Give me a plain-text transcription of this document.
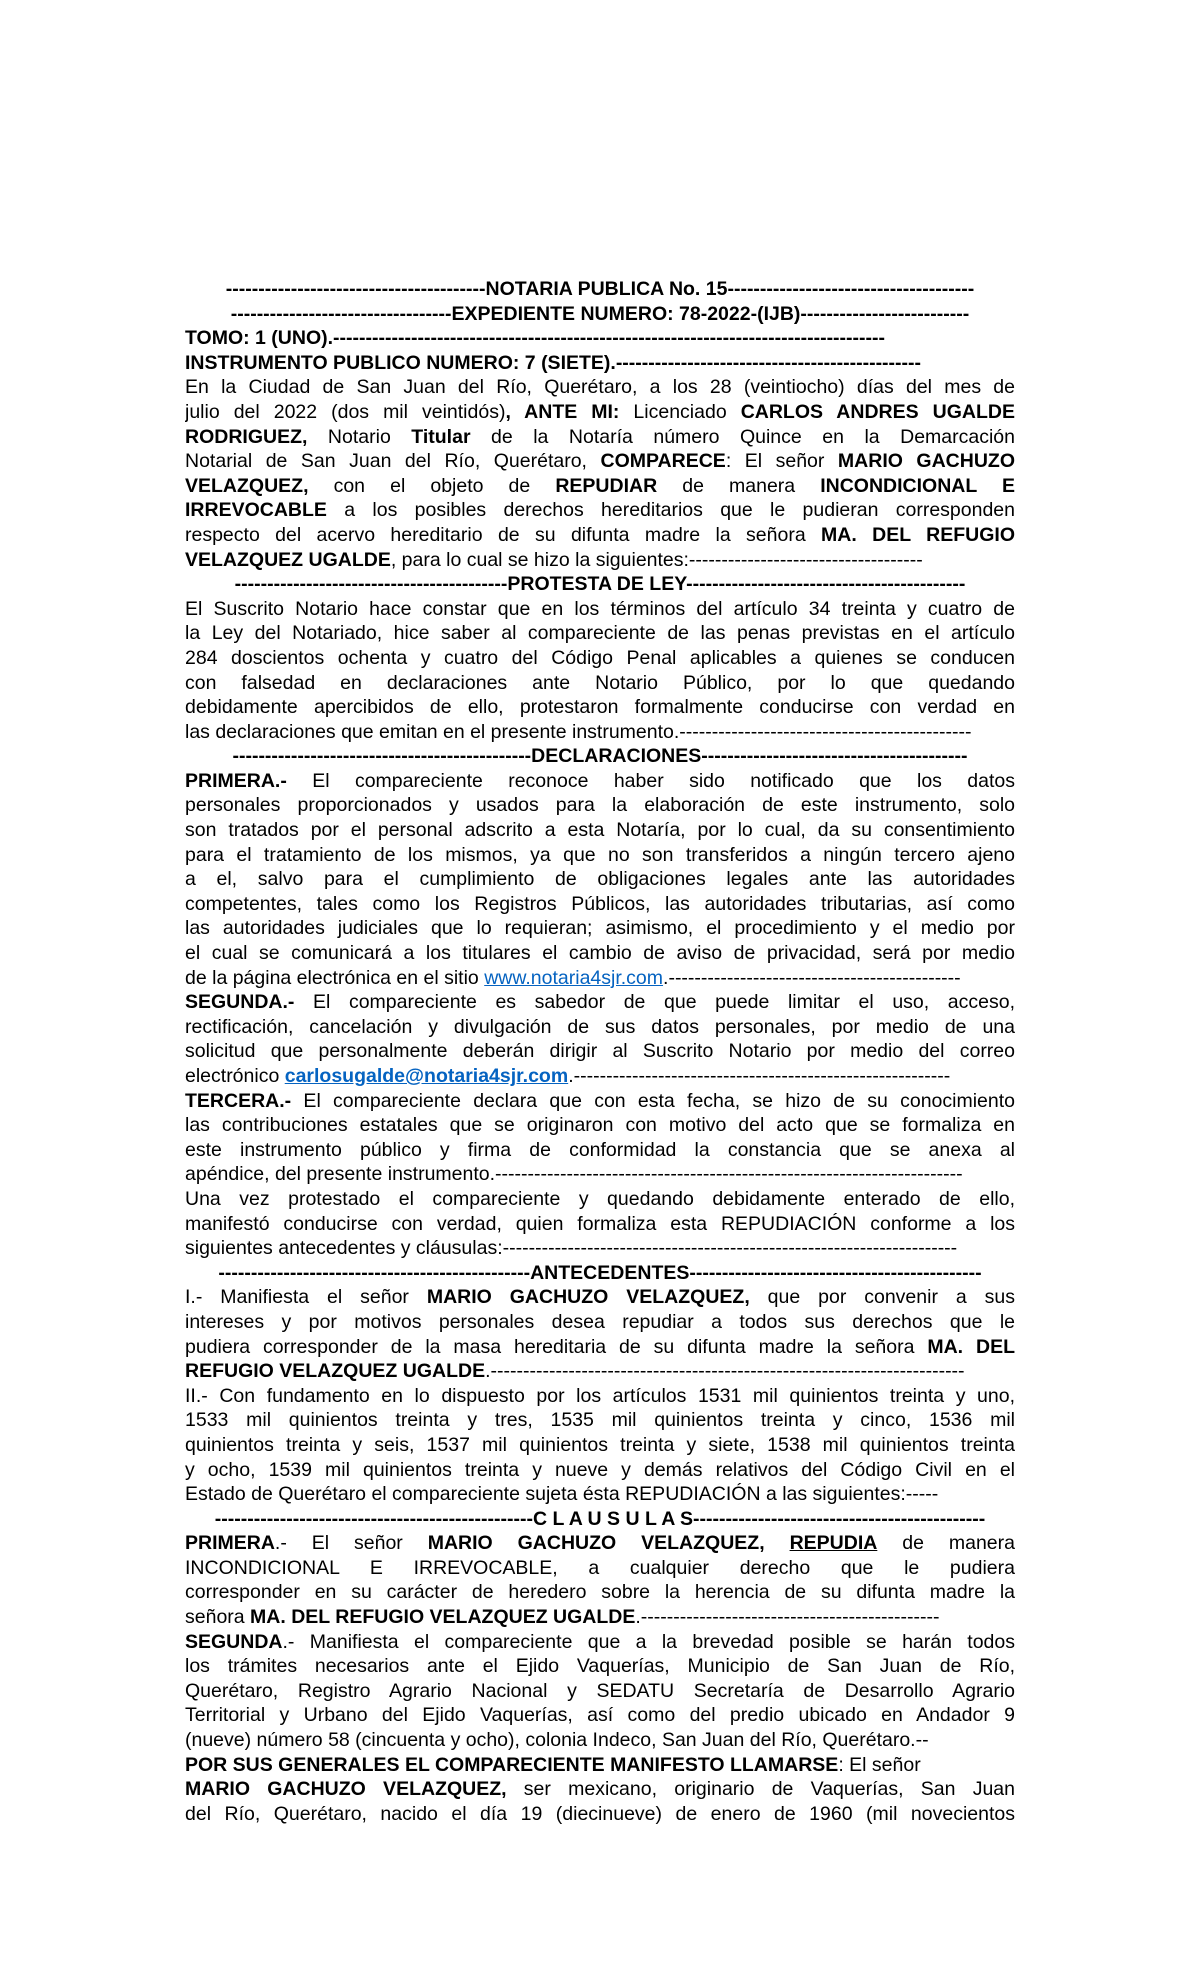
----------------------------------------NOTARIA PUBLICA No. 15--------------------------------------
----------------------------------EXPEDIENTE NUMERO: 78-2022-(IJB)--------------------------
TOMO: 1 (UNO).-------------------------------------------------------------------------------------
INSTRUMENTO PUBLICO NUMERO: 7 (SIETE).-----------------------------------------------
En la Ciudad de San Juan del Río, Querétaro, a los 28 (veintiocho) días del mes de
julio del 2022 (dos mil veintidós), ANTE MI: Licenciado CARLOS ANDRES UGALDE
RODRIGUEZ, Notario Titular de la Notaría número Quince en la Demarcación
Notarial de San Juan del Río, Querétaro, COMPARECE: El señor MARIO GACHUZO
VELAZQUEZ, con el objeto de REPUDIAR de manera INCONDICIONAL E
IRREVOCABLE a los posibles derechos hereditarios que le pudieran corresponden
respecto del acervo hereditario de su difunta madre la señora MA. DEL REFUGIO
VELAZQUEZ UGALDE, para lo cual se hizo la siguientes:------------------------------------
------------------------------------------PROTESTA DE LEY-------------------------------------------
El Suscrito Notario hace constar que en los términos del artículo 34 treinta y cuatro de
la Ley del Notariado, hice saber al compareciente de las penas previstas en el artículo
284 doscientos ochenta y cuatro del Código Penal aplicables a quienes se conducen
con falsedad en declaraciones ante Notario Público, por lo que quedando
debidamente apercibidos de ello, protestaron formalmente conducirse con verdad en
las declaraciones que emitan en el presente instrumento.---------------------------------------------
----------------------------------------------DECLARACIONES-----------------------------------------
PRIMERA.- El compareciente reconoce haber sido notificado que los datos
personales proporcionados y usados para la elaboración de este instrumento, solo
son tratados por el personal adscrito a esta Notaría, por lo cual, da su consentimiento
para el tratamiento de los mismos, ya que no son transferidos a ningún tercero ajeno
a el, salvo para el cumplimiento de obligaciones legales ante las autoridades
competentes, tales como los Registros Públicos, las autoridades tributarias, así como
las autoridades judiciales que lo requieran; asimismo, el procedimiento y el medio por
el cual se comunicará a los titulares el cambio de aviso de privacidad, será por medio
de la página electrónica en el sitio www.notaria4sjr.com.---------------------------------------------
SEGUNDA.- El compareciente es sabedor de que puede limitar el uso, acceso,
rectificación, cancelación y divulgación de sus datos personales, por medio de una
solicitud que personalmente deberán dirigir al Suscrito Notario por medio del correo
electrónico carlosugalde@notaria4sjr.com.----------------------------------------------------------
TERCERA.- El compareciente declara que con esta fecha, se hizo de su conocimiento
las contribuciones estatales que se originaron con motivo del acto que se formaliza en
este instrumento público y firma de conformidad la constancia que se anexa al
apéndice, del presente instrumento.------------------------------------------------------------------------
Una vez protestado el compareciente y quedando debidamente enterado de ello,
manifestó conducirse con verdad, quien formaliza esta REPUDIACIÓN conforme a los
siguientes antecedentes y cláusulas:----------------------------------------------------------------------
------------------------------------------------ANTECEDENTES---------------------------------------------
I.- Manifiesta el señor MARIO GACHUZO VELAZQUEZ, que por convenir a sus
intereses y por motivos personales desea repudiar a todos sus derechos que le
pudiera corresponder de la masa hereditaria de su difunta madre la señora MA. DEL
REFUGIO VELAZQUEZ UGALDE.-------------------------------------------------------------------------
II.- Con fundamento en lo dispuesto por los artículos 1531 mil quinientos treinta y uno,
1533 mil quinientos treinta y tres, 1535 mil quinientos treinta y cinco, 1536 mil
quinientos treinta y seis, 1537 mil quinientos treinta y siete, 1538 mil quinientos treinta
y ocho, 1539 mil quinientos treinta y nueve y demás relativos del Código Civil en el
Estado de Querétaro el compareciente sujeta ésta REPUDIACIÓN a las siguientes:-----
-------------------------------------------------C L A U S U L A S---------------------------------------------
PRIMERA.- El señor MARIO GACHUZO VELAZQUEZ, REPUDIA de manera
INCONDICIONAL E IRREVOCABLE, a cualquier derecho que le pudiera
corresponder en su carácter de heredero sobre la herencia de su difunta madre la
señora MA. DEL REFUGIO VELAZQUEZ UGALDE.----------------------------------------------
SEGUNDA.- Manifiesta el compareciente que a la brevedad posible se harán todos
los trámites necesarios ante el Ejido Vaquerías, Municipio de San Juan de Río,
Querétaro, Registro Agrario Nacional y SEDATU Secretaría de Desarrollo Agrario
Territorial y Urbano del Ejido Vaquerías, así como del predio ubicado en Andador 9
(nueve) número 58 (cincuenta y ocho), colonia Indeco, San Juan del Río, Querétaro.--
POR SUS GENERALES EL COMPARECIENTE MANIFESTO LLAMARSE: El señor
MARIO GACHUZO VELAZQUEZ, ser mexicano, originario de Vaquerías, San Juan
del Río, Querétaro, nacido el día 19 (diecinueve) de enero de 1960 (mil novecientos
